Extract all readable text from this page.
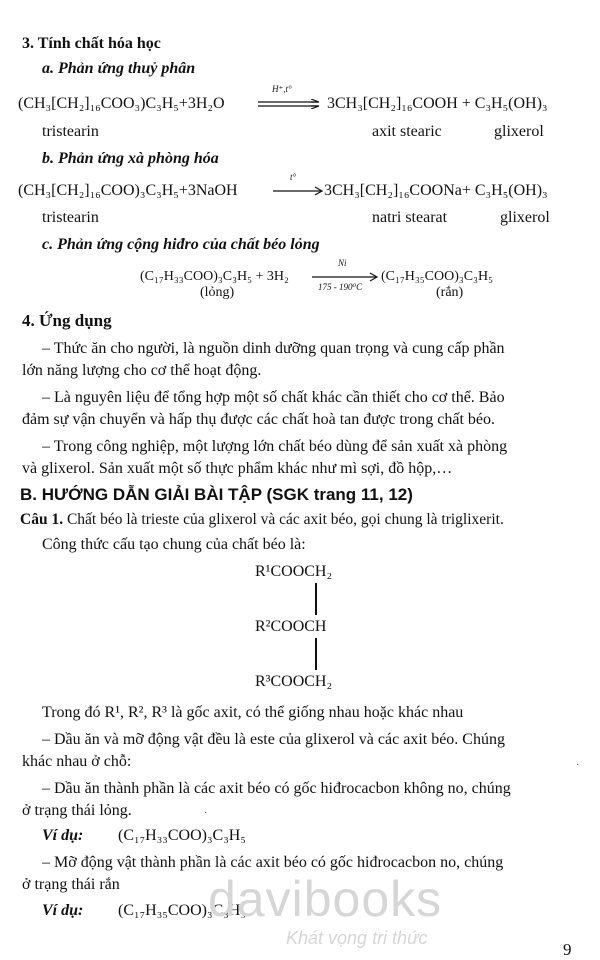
3. Tính chất hóa học
a. Phản ứng thuỷ phân
(CH₃[CH₂]₁₆COO₃)C₃H₅+3H₂O
H⁺,t°
3CH₃[CH₂]₁₆COOH + C₃H₅(OH)₃
tristearin	axit stearic	glixerol
b. Phản ứng xà phòng hóa
(CH₃[CH₂]₁₆COO)₃C₃H₅+3NaOH
t°
3CH₃[CH₂]₁₆COONa+ C₃H₅(OH)₃
tristearin	natri stearat	glixerol
c. Phản ứng cộng hiđro của chất béo lỏng
(C₁₇H₃₃COO)₃C₃H₅ + 3H₂
Ni
175 - 190⁰C
(C₁₇H₃₅COO)₃C₃H₅
(lỏng)	(rắn)
4. Ứng dụng
– Thức ăn cho người, là nguồn dinh dưỡng quan trọng và cung cấp phần
lớn năng lượng cho cơ thể hoạt động.
– Là nguyên liệu để tổng hợp một số chất khác cần thiết cho cơ thể. Bảo
đảm sự vận chuyển và hấp thụ được các chất hoà tan được trong chất béo.
– Trong công nghiệp, một lượng lớn chất béo dùng để sản xuất xà phòng
và glixerol. Sản xuất một số thực phẩm khác như mì sợi, đồ hộp,…
B. HƯỚNG DẪN GIẢI BÀI TẬP (SGK trang 11, 12)
Câu 1. Chất béo là trieste của glixerol và các axit béo, gọi chung là triglixerit.
Công thức cấu tạo chung của chất béo là:
R¹COOCH₂
R²COOCH
R³COOCH₂
Trong đó R¹, R², R³ là gốc axit, có thể giống nhau hoặc khác nhau
– Dầu ăn và mỡ động vật đều là este của glixerol và các axit béo. Chúng
khác nhau ở chỗ:
– Dầu ăn thành phần là các axit béo có gốc hiđrocacbon không no, chúng
ở trạng thái lỏng.
Ví dụ: (C₁₇H₃₃COO)₃C₃H₅
– Mỡ động vật thành phần là các axit béo có gốc hiđrocacbon no, chúng
ở trạng thái rắn
Ví dụ: (C₁₇H₃₅COO)₃C₃H₅
·
·
davibooks
Khát vọng tri thức
9
